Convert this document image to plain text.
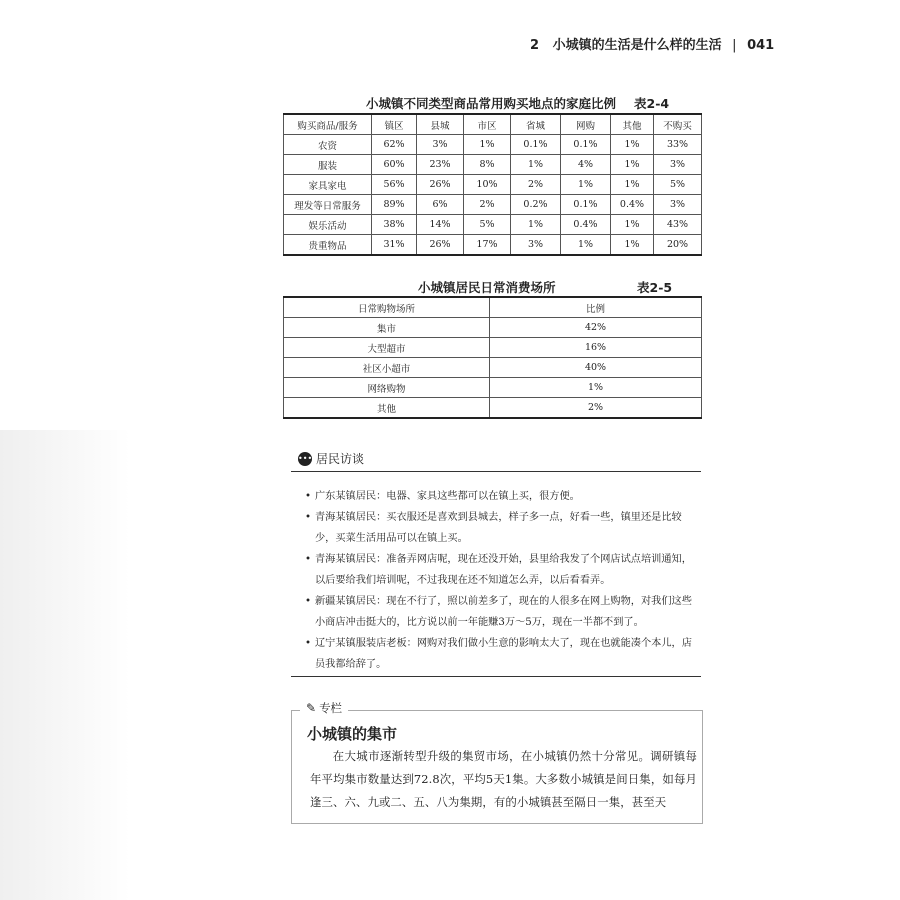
2 小城镇的生活是什么样的生活 | 041
小城镇不同类型商品常用购买地点的家庭比例 表2-4
购买商品/服务	镇区	县城	市区	省城	网购	其他	不购买
农资	62%	3%	1%	0.1%	0.1%	1%	33%
服装	60%	23%	8%	1%	4%	1%	3%
家具家电	56%	26%	10%	2%	1%	1%	5%
理发等日常服务	89%	6%	2%	0.2%	0.1%	0.4%	3%
娱乐活动	38%	14%	5%	1%	0.4%	1%	43%
贵重物品	31%	26%	17%	3%	1%	1%	20%
小城镇居民日常消费场所	表2-5
日常购物场所	比例
集市	42%
大型超市	16%
社区小超市	40%
网络购物	1%
其他	2%
••• 居民访谈
• 广东某镇居民：电器、家具这些都可以在镇上买，很方便。
• 青海某镇居民：买衣服还是喜欢到县城去，样子多一点，好看一些，镇里还是比较少，买菜生活用品可以在镇上买。
• 青海某镇居民：准备弄网店呢，现在还没开始，县里给我发了个网店试点培训通知，以后要给我们培训呢，不过我现在还不知道怎么弄，以后看看弄。
• 新疆某镇居民：现在不行了，照以前差多了，现在的人很多在网上购物，对我们这些小商店冲击挺大的，比方说以前一年能赚3万～5万，现在一半都不到了。
• 辽宁某镇服装店老板：网购对我们做小生意的影响太大了，现在也就能凑个本儿，店员我都给辞了。
✎ 专栏
小城镇的集市
在大城市逐渐转型升级的集贸市场，在小城镇仍然十分常见。调研镇每年平均集市数量达到72.8次，平均5天1集。大多数小城镇是间日集，如每月逢三、六、九或二、五、八为集期，有的小城镇甚至隔日一集，甚至天
